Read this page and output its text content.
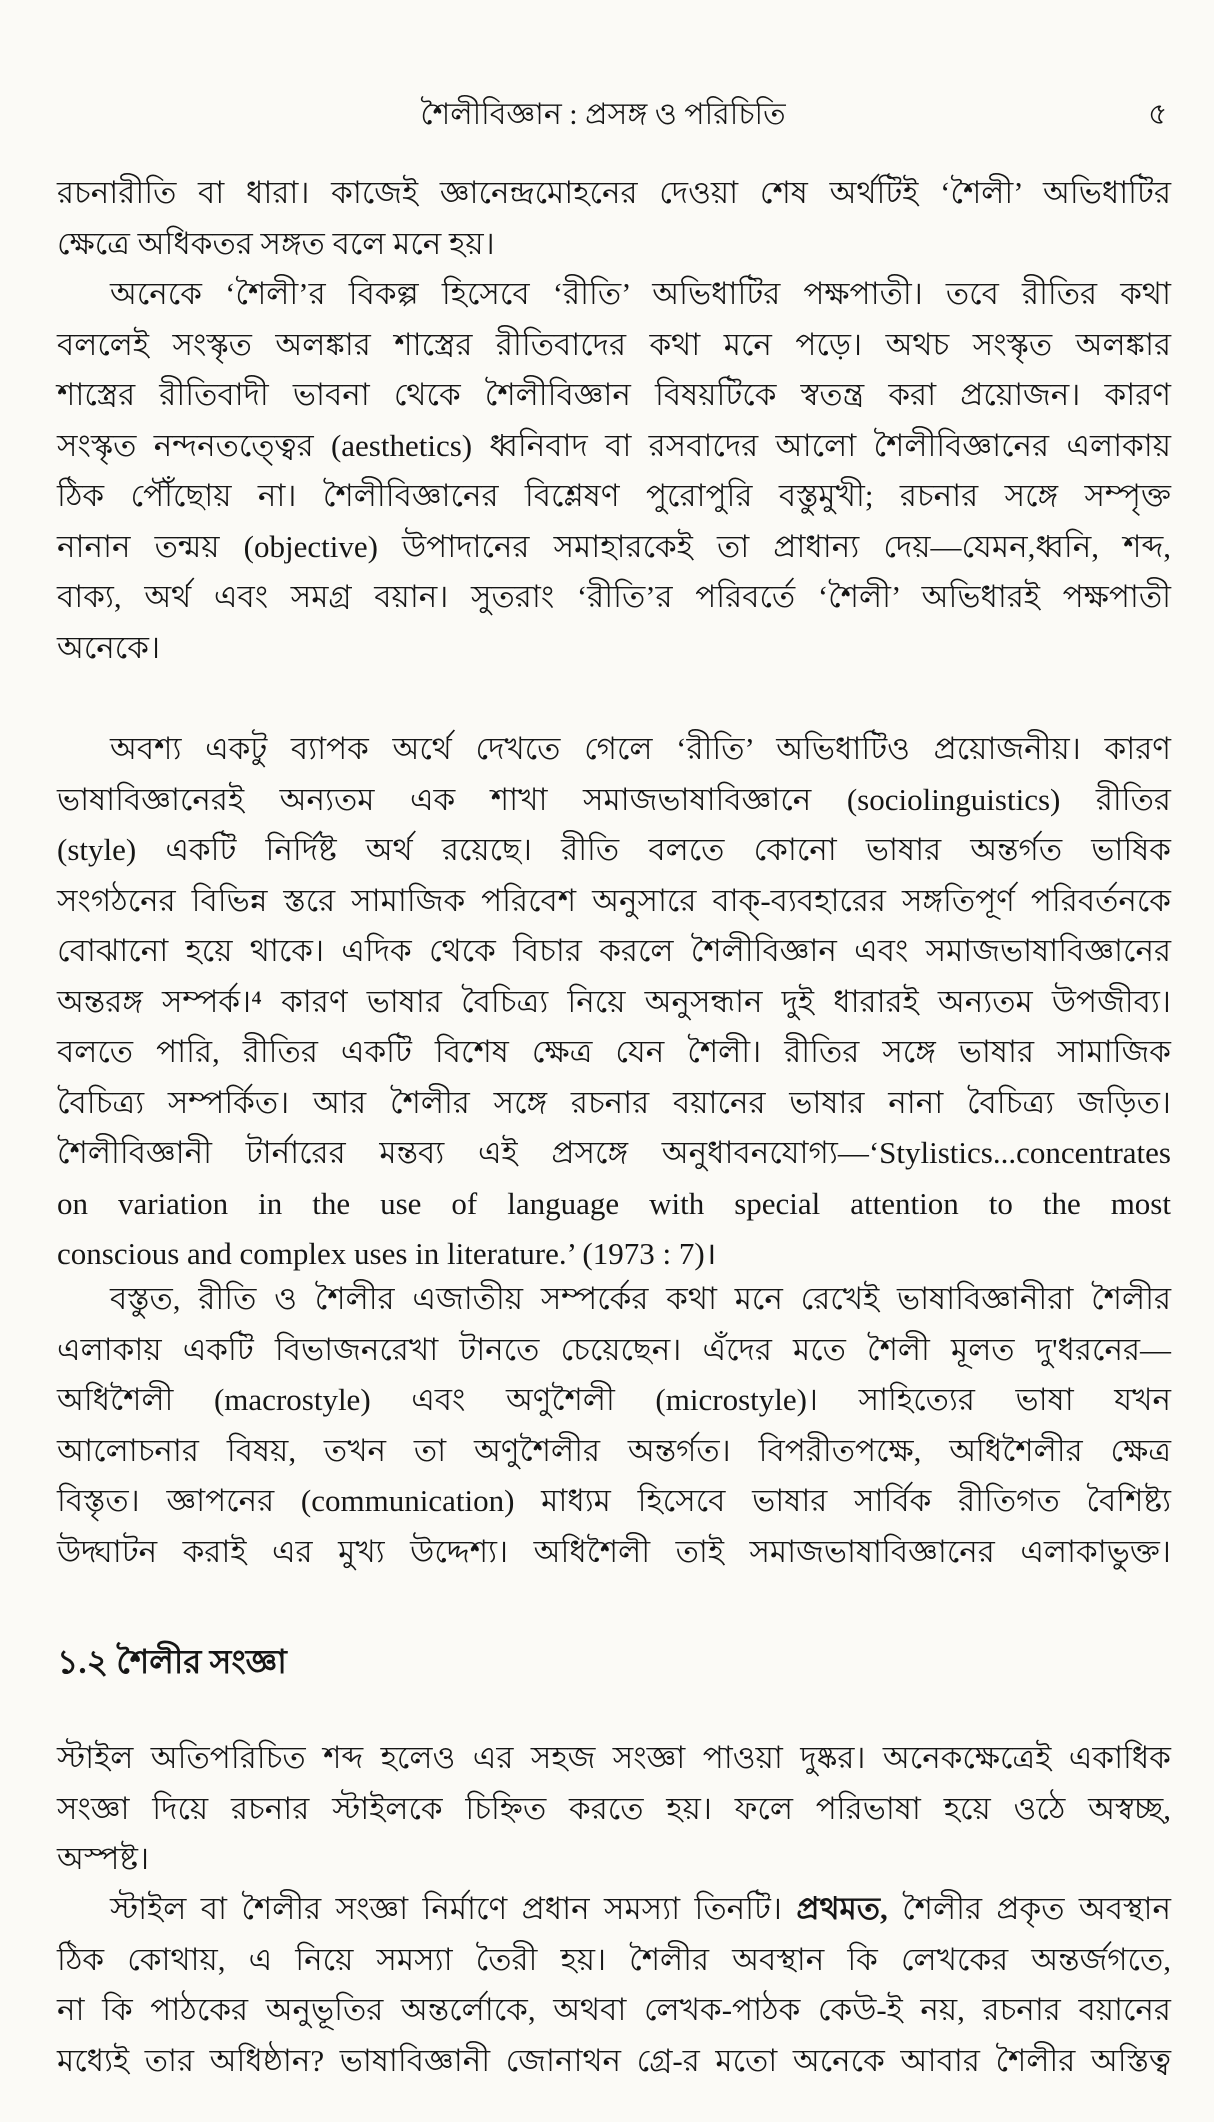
শৈলীবিজ্ঞান : প্রসঙ্গ ও পরিচিতি	৫
১.২ শৈলীর সংজ্ঞা
রচনারীতি বা ধারা। কাজেই জ্ঞানেন্দ্রমোহনের দেওয়া শেষ অর্থটিই ‘শৈলী’ অভিধাটির
ক্ষেত্রে অধিকতর সঙ্গত বলে মনে হয়।
অনেকে ‘শৈলী’র বিকল্প হিসেবে ‘রীতি’ অভিধাটির পক্ষপাতী। তবে রীতির কথা
বললেই সংস্কৃত অলঙ্কার শাস্ত্রের রীতিবাদের কথা মনে পড়ে। অথচ সংস্কৃত অলঙ্কার
শাস্ত্রের রীতিবাদী ভাবনা থেকে শৈলীবিজ্ঞান বিষয়টিকে স্বতন্ত্র করা প্রয়োজন। কারণ
সংস্কৃত নন্দনতত্ত্বের (aesthetics) ধ্বনিবাদ বা রসবাদের আলো শৈলীবিজ্ঞানের এলাকায়
ঠিক পৌঁছোয় না। শৈলীবিজ্ঞানের বিশ্লেষণ পুরোপুরি বস্তুমুখী; রচনার সঙ্গে সম্পৃক্ত
নানান তন্ময় (objective) উপাদানের সমাহারকেই তা প্রাধান্য দেয়—যেমন,ধ্বনি, শব্দ,
বাক্য, অর্থ এবং সমগ্র বয়ান। সুতরাং ‘রীতি’র পরিবর্তে ‘শৈলী’ অভিধারই পক্ষপাতী
অনেকে।
অবশ্য একটু ব্যাপক অর্থে দেখতে গেলে ‘রীতি’ অভিধাটিও প্রয়োজনীয়। কারণ
ভাষাবিজ্ঞানেরই অন্যতম এক শাখা সমাজভাষাবিজ্ঞানে (sociolinguistics) রীতির
(style) একটি নির্দিষ্ট অর্থ রয়েছে। রীতি বলতে কোনো ভাষার অন্তর্গত ভাষিক
সংগঠনের বিভিন্ন স্তরে সামাজিক পরিবেশ অনুসারে বাক্-ব্যবহারের সঙ্গতিপূর্ণ পরিবর্তনকে
বোঝানো হয়ে থাকে। এদিক থেকে বিচার করলে শৈলীবিজ্ঞান এবং সমাজভাষাবিজ্ঞানের
অন্তরঙ্গ সম্পর্ক।⁴ কারণ ভাষার বৈচিত্র্য নিয়ে অনুসন্ধান দুই ধারারই অন্যতম উপজীব্য।
বলতে পারি, রীতির একটি বিশেষ ক্ষেত্র যেন শৈলী। রীতির সঙ্গে ভাষার সামাজিক
বৈচিত্র্য সম্পর্কিত। আর শৈলীর সঙ্গে রচনার বয়ানের ভাষার নানা বৈচিত্র্য জড়িত।
শৈলীবিজ্ঞানী টার্নারের মন্তব্য এই প্রসঙ্গে অনুধাবনযোগ্য—‘Stylistics...concentrates
on variation in the use of language with special attention to the most
conscious and complex uses in literature.’ (1973 : 7)।
বস্তুত, রীতি ও শৈলীর এজাতীয় সম্পর্কের কথা মনে রেখেই ভাষাবিজ্ঞানীরা শৈলীর
এলাকায় একটি বিভাজনরেখা টানতে চেয়েছেন। এঁদের মতে শৈলী মূলত দু'ধরনের—
অধিশৈলী (macrostyle) এবং অণুশৈলী (microstyle)। সাহিত্যের ভাষা যখন
আলোচনার বিষয়, তখন তা অণুশৈলীর অন্তর্গত। বিপরীতপক্ষে, অধিশৈলীর ক্ষেত্র
বিস্তৃত। জ্ঞাপনের (communication) মাধ্যম হিসেবে ভাষার সার্বিক রীতিগত বৈশিষ্ট্য
উদ্ঘাটন করাই এর মুখ্য উদ্দেশ্য। অধিশৈলী তাই সমাজভাষাবিজ্ঞানের এলাকাভুক্ত।
স্টাইল অতিপরিচিত শব্দ হলেও এর সহজ সংজ্ঞা পাওয়া দুষ্কর। অনেকক্ষেত্রেই একাধিক
সংজ্ঞা দিয়ে রচনার স্টাইলকে চিহ্নিত করতে হয়। ফলে পরিভাষা হয়ে ওঠে অস্বচ্ছ,
অস্পষ্ট।
স্টাইল বা শৈলীর সংজ্ঞা নির্মাণে প্রধান সমস্যা তিনটি। প্রথমত, শৈলীর প্রকৃত অবস্থান
ঠিক কোথায়, এ নিয়ে সমস্যা তৈরী হয়। শৈলীর অবস্থান কি লেখকের অন্তর্জগতে,
না কি পাঠকের অনুভূতির অন্তর্লোকে, অথবা লেখক-পাঠক কেউ-ই নয়, রচনার বয়ানের
মধ্যেই তার অধিষ্ঠান? ভাষাবিজ্ঞানী জোনাথন গ্রে-র মতো অনেকে আবার শৈলীর অস্তিত্ব
